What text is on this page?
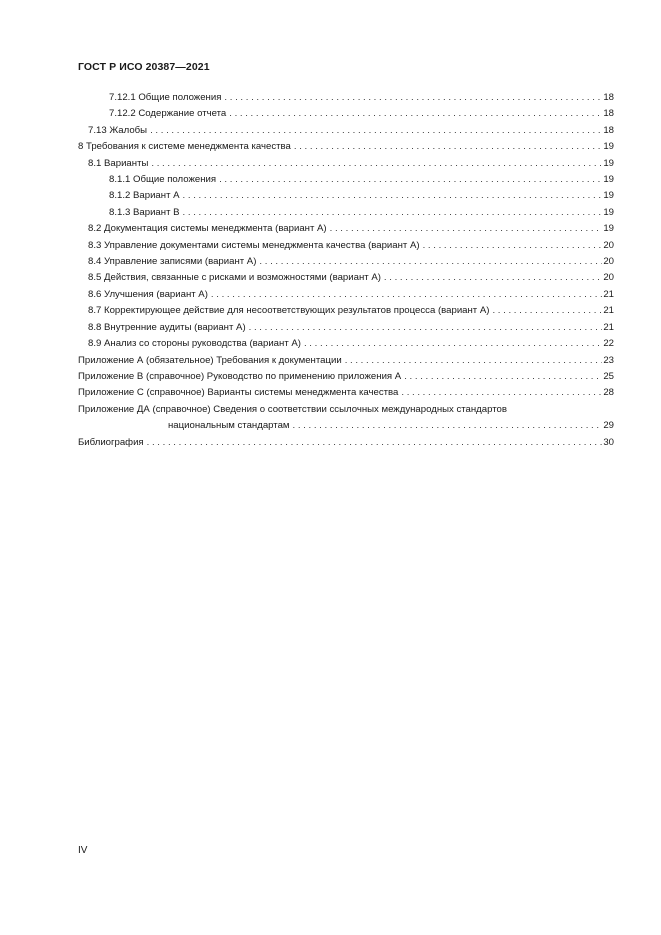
ГОСТ Р ИСО 20387—2021
7.12.1 Общие положения . . .	18
7.12.2 Содержание отчета . . .	18
7.13 Жалобы . . .	18
8 Требования к системе менеджмента качества . . .	19
8.1 Варианты . . .	19
8.1.1 Общие положения . . .	19
8.1.2 Вариант А . . .	19
8.1.3 Вариант В . . .	19
8.2 Документация системы менеджмента (вариант А) . . .	19
8.3 Управление документами системы менеджмента качества (вариант А) . . .	20
8.4 Управление записями (вариант А) . . .	20
8.5 Действия, связанные с рисками и возможностями (вариант А) . . .	20
8.6 Улучшения (вариант А) . . .	21
8.7 Корректирующее действие для несоответствующих результатов процесса (вариант А) . . .	21
8.8 Внутренние аудиты (вариант А) . . .	21
8.9 Анализ со стороны руководства (вариант А) . . .	22
Приложение А (обязательное) Требования к документации . . .	23
Приложение В (справочное) Руководство по применению приложения А . . .	25
Приложение С (справочное) Варианты системы менеджмента качества . . .	28
Приложение ДА (справочное) Сведения о соответствии ссылочных международных стандартов
национальным стандартам . . .	29
Библиография . . .	30
IV
